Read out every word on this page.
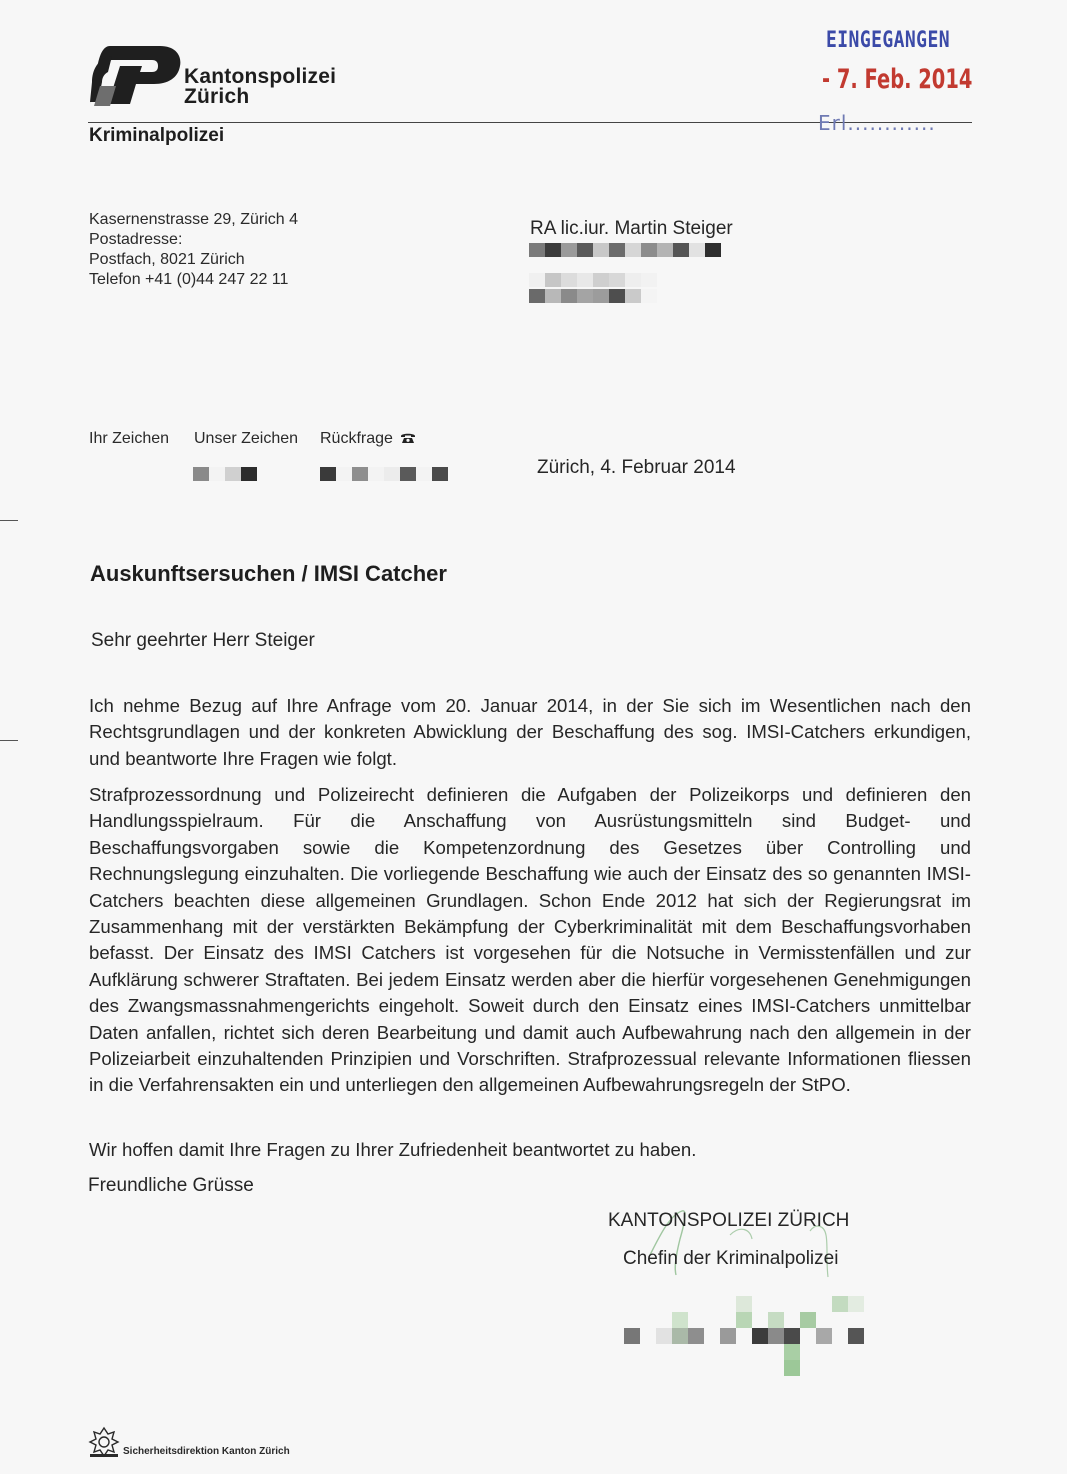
Kantonspolizei
Zürich
Kriminalpolizei
EINGEGANGEN
- 7. Feb. 2014
Erl............
Kasernenstrasse 29, Zürich 4
Postadresse:
Postfach, 8021 Zürich
Telefon +41 (0)44 247 22 11
RA lic.iur. Martin Steiger
Ihr Zeichen Unser Zeichen Rückfrage
Zürich, 4. Februar 2014
Auskunftsersuchen / IMSI Catcher
Sehr geehrter Herr Steiger
Ich nehme Bezug auf Ihre Anfrage vom 20. Januar 2014, in der Sie sich im Wesentlichen nach den Rechtsgrundlagen und der konkreten Abwicklung der Beschaffung des sog. IMSI-Catchers erkundigen, und beantworte Ihre Fragen wie folgt.
Strafprozessordnung und Polizeirecht definieren die Aufgaben der Polizeikorps und definieren den Handlungsspielraum. Für die Anschaffung von Ausrüstungsmitteln sind Budget- und Beschaffungsvorgaben sowie die Kompetenzordnung des Gesetzes über Controlling und Rechnungslegung einzuhalten. Die vorliegende Beschaffung wie auch der Einsatz des so genannten IMSI-Catchers beachten diese allgemeinen Grundlagen. Schon Ende 2012 hat sich der Regierungsrat im Zusammenhang mit der verstärkten Bekämpfung der Cyberkriminalität mit dem Beschaffungsvorhaben befasst. Der Einsatz des IMSI Catchers ist vorgesehen für die Notsuche in Vermisstenfällen und zur Aufklärung schwerer Straftaten. Bei jedem Einsatz werden aber die hierfür vorgesehenen Genehmigungen des Zwangsmassnahmengerichts eingeholt. Soweit durch den Einsatz eines IMSI-Catchers unmittelbar Daten anfallen, richtet sich deren Bearbeitung und damit auch Aufbewahrung nach den allgemein in der Polizeiarbeit einzuhaltenden Prinzipien und Vorschriften. Strafprozessual relevante Informationen fliessen in die Verfahrensakten ein und unterliegen den allgemeinen Aufbewahrungsregeln der StPO.
Wir hoffen damit Ihre Fragen zu Ihrer Zufriedenheit beantwortet zu haben.
Freundliche Grüsse
KANTONSPOLIZEI ZÜRICH
Chefin der Kriminalpolizei
Sicherheitsdirektion Kanton Zürich
